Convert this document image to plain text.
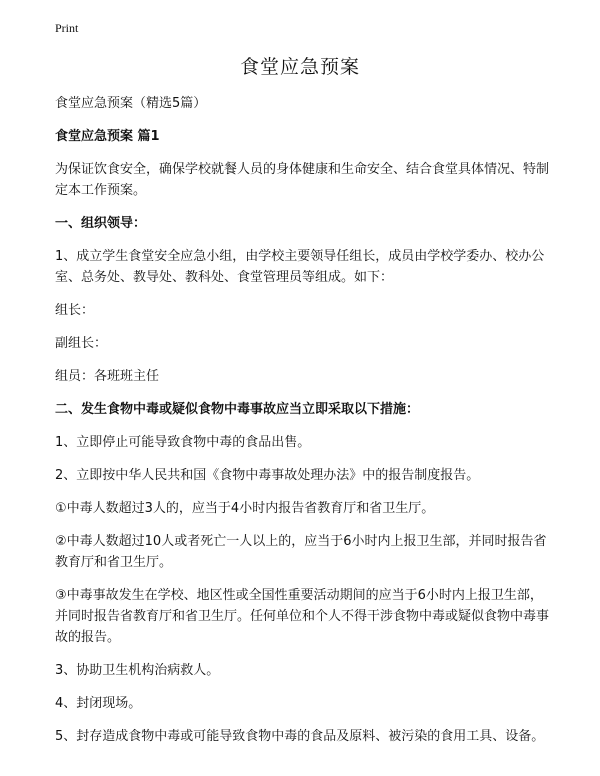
Print
食堂应急预案

食堂应急预案（精选5篇）

食堂应急预案 篇1

为保证饮食安全，确保学校就餐人员的身体健康和生命安全、结合食堂具体情况、特制定本工作预案。

一、组织领导：

1、成立学生食堂安全应急小组，由学校主要领导任组长，成员由学校学委办、校办公室、总务处、教导处、教科处、食堂管理员等组成。如下：

组长：

副组长：

组员：各班班主任

二、发生食物中毒或疑似食物中毒事故应当立即采取以下措施：

1、立即停止可能导致食物中毒的食品出售。

2、立即按中华人民共和国《食物中毒事故处理办法》中的报告制度报告。

①中毒人数超过3人的，应当于4小时内报告省教育厅和省卫生厅。

②中毒人数超过10人或者死亡一人以上的，应当于6小时内上报卫生部，并同时报告省教育厅和省卫生厅。

③中毒事故发生在学校、地区性或全国性重要活动期间的应当于6小时内上报卫生部，并同时报告省教育厅和省卫生厅。任何单位和个人不得干涉食物中毒或疑似食物中毒事故的报告。

3、协助卫生机构治病救人。

4、封闭现场。

5、封存造成食物中毒或可能导致食物中毒的食品及原料、被污染的食用工具、设备。
